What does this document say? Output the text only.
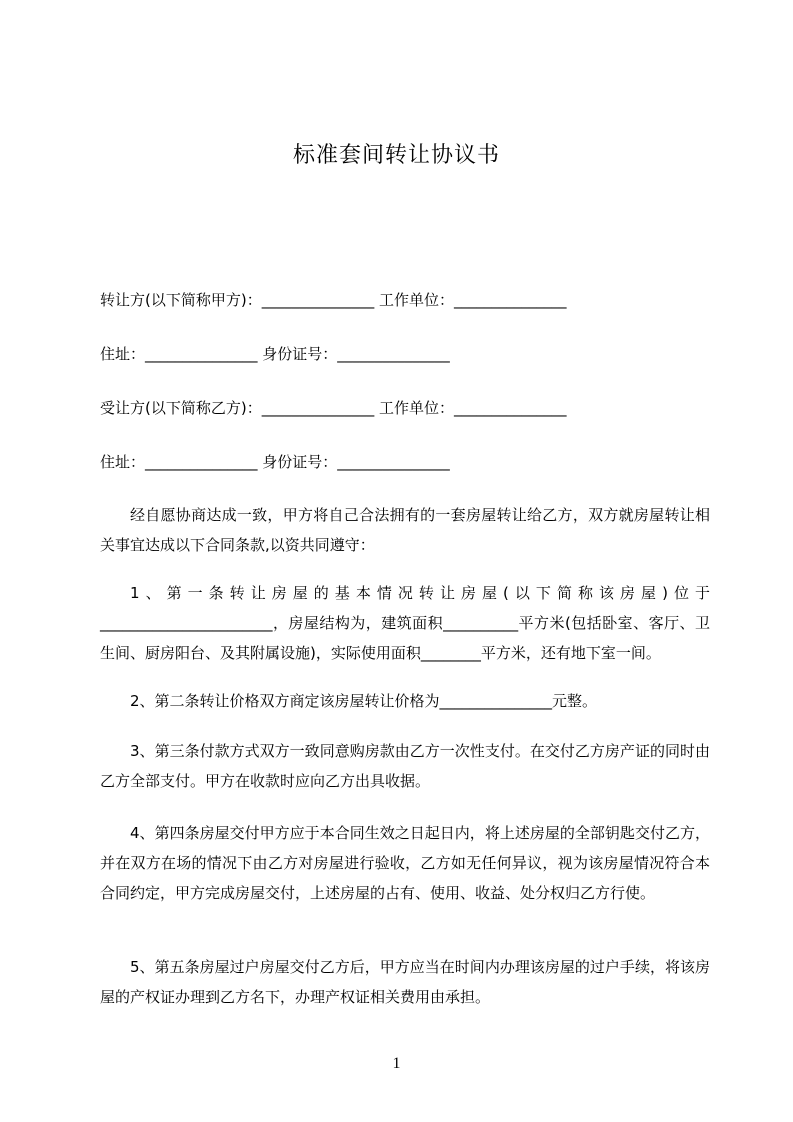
标准套间转让协议书
转让方(以下简称甲方)：_______________ 工作单位：_______________
住址：_______________ 身份证号：_______________
受让方(以下简称乙方)：_______________ 工作单位：_______________
住址：_______________ 身份证号：_______________
经自愿协商达成一致，甲方将自己合法拥有的一套房屋转让给乙方，双方就房屋转让相关事宜达成以下合同条款,以资共同遵守：
1、第一条转让房屋的基本情况转让房屋(以下简称该房屋)位于_______________________，房屋结构为，建筑面积__________平方米(包括卧室、客厅、卫生间、厨房阳台、及其附属设施)，实际使用面积________平方米，还有地下室一间。
2、第二条转让价格双方商定该房屋转让价格为_______________元整。
3、第三条付款方式双方一致同意购房款由乙方一次性支付。在交付乙方房产证的同时由乙方全部支付。甲方在收款时应向乙方出具收据。
4、第四条房屋交付甲方应于本合同生效之日起日内，将上述房屋的全部钥匙交付乙方，并在双方在场的情况下由乙方对房屋进行验收，乙方如无任何异议，视为该房屋情况符合本合同约定，甲方完成房屋交付，上述房屋的占有、使用、收益、处分权归乙方行使。
5、第五条房屋过户房屋交付乙方后，甲方应当在时间内办理该房屋的过户手续，将该房屋的产权证办理到乙方名下，办理产权证相关费用由承担。
1
